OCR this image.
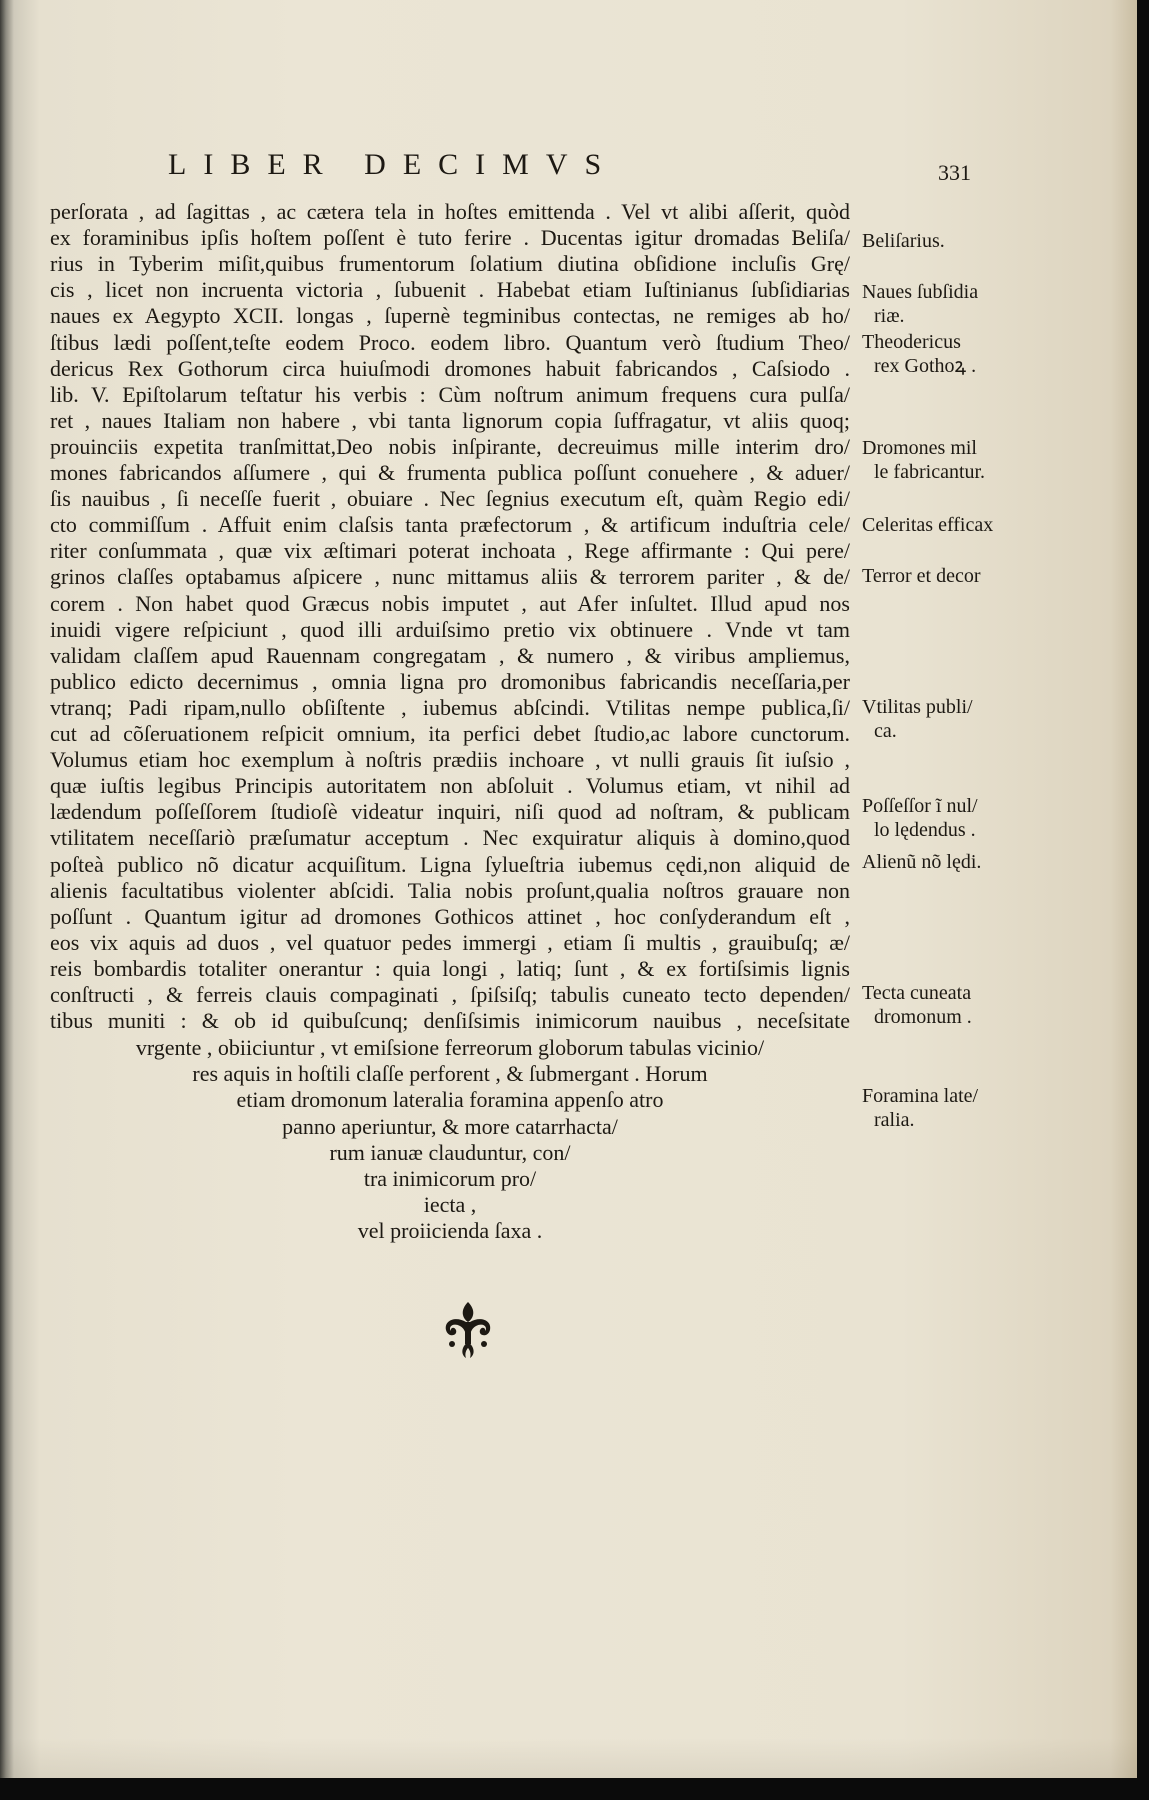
LIBER DECIMVS	331
perſorata , ad ſagittas , ac cætera tela in hoſtes emittenda . Vel vt alibi aſſerit, quòd
ex foraminibus ipſis hoſtem poſſent è tuto ferire . Ducentas igitur dromadas Beliſa/
rius in Tyberim miſit,quibus frumentorum ſolatium diutina obſidione incluſis Grę/
cis , licet non incruenta victoria , ſubuenit . Habebat etiam Iuſtinianus ſubſidiarias
naues ex Aegypto XCII. longas , ſupernè tegminibus contectas, ne remiges ab ho/
ſtibus lædi poſſent,teſte eodem Proco. eodem libro. Quantum verò ſtudium Theo/
dericus Rex Gothorum circa huiuſmodi dromones habuit fabricandos , Caſsiodo .
lib. V. Epiſtolarum teſtatur his verbis : Cùm noſtrum animum frequens cura pulſa/
ret , naues Italiam non habere , vbi tanta lignorum copia ſuffragatur, vt aliis quoq;
prouinciis expetita tranſmittat,Deo nobis inſpirante, decreuimus mille interim dro/
mones fabricandos aſſumere , qui & frumenta publica poſſunt conuehere , & aduer/
ſis nauibus , ſi neceſſe fuerit , obuiare . Nec ſegnius executum eſt, quàm Regio edi/
cto commiſſum . Affuit enim claſsis tanta præfectorum , & artificum induſtria cele/
riter conſummata , quæ vix æſtimari poterat inchoata , Rege affirmante : Qui pere/
grinos claſſes optabamus aſpicere , nunc mittamus aliis & terrorem pariter , & de/
corem . Non habet quod Græcus nobis imputet , aut Afer inſultet. Illud apud nos
inuidi vigere reſpiciunt , quod illi arduiſsimo pretio vix obtinuere . Vnde vt tam
validam claſſem apud Rauennam congregatam , & numero , & viribus ampliemus,
publico edicto decernimus , omnia ligna pro dromonibus fabricandis neceſſaria,per
vtranq; Padi ripam,nullo obſiſtente , iubemus abſcindi. Vtilitas nempe publica,ſi/
cut ad cõſeruationem reſpicit omnium, ita perfici debet ſtudio,ac labore cunctorum.
Volumus etiam hoc exemplum à noſtris prædiis inchoare , vt nulli grauis ſit iuſsio ,
quæ iuſtis legibus Principis autoritatem non abſoluit . Volumus etiam, vt nihil ad
lædendum poſſeſſorem ſtudioſè videatur inquiri, niſi quod ad noſtram, & publicam
vtilitatem neceſſariò præſumatur acceptum . Nec exquiratur aliquis à domino,quod
poſteà publico nõ dicatur acquiſitum. Ligna ſylueſtria iubemus cędi,non aliquid de
alienis facultatibus violenter abſcidi. Talia nobis proſunt,qualia noſtros grauare non
poſſunt . Quantum igitur ad dromones Gothicos attinet , hoc conſyderandum eſt ,
eos vix aquis ad duos , vel quatuor pedes immergi , etiam ſi multis , grauibuſq; æ/
reis bombardis totaliter onerantur : quia longi , latiq; ſunt , & ex fortiſsimis lignis
conſtructi , & ferreis clauis compaginati , ſpiſsiſq; tabulis cuneato tecto dependen/
tibus muniti : & ob id quibuſcunq; denſiſsimis inimicorum nauibus , neceſsitate
vrgente , obiiciuntur , vt emiſsione ferreorum globorum tabulas vicinio/
res aquis in hoſtili claſſe perforent , & ſubmergant . Horum
etiam dromonum lateralia foramina appenſo atro
panno aperiuntur, & more catarrhacta/
rum ianuæ clauduntur, con/
tra inimicorum pro/
iecta ,
vel proiicienda ſaxa .
Beliſarius.
Naues ſubſidia
riæ.
Theodericus
rex Gothoꝝ .
Dromones mil
le fabricantur.
Celeritas efficax
Terror et decor
Vtilitas publi/
ca.
Poſſeſſor ĩ nul/
lo lędendus .
Alienũ nõ lędi.
Tecta cuneata
dromonum .
Foramina late/
ralia.
